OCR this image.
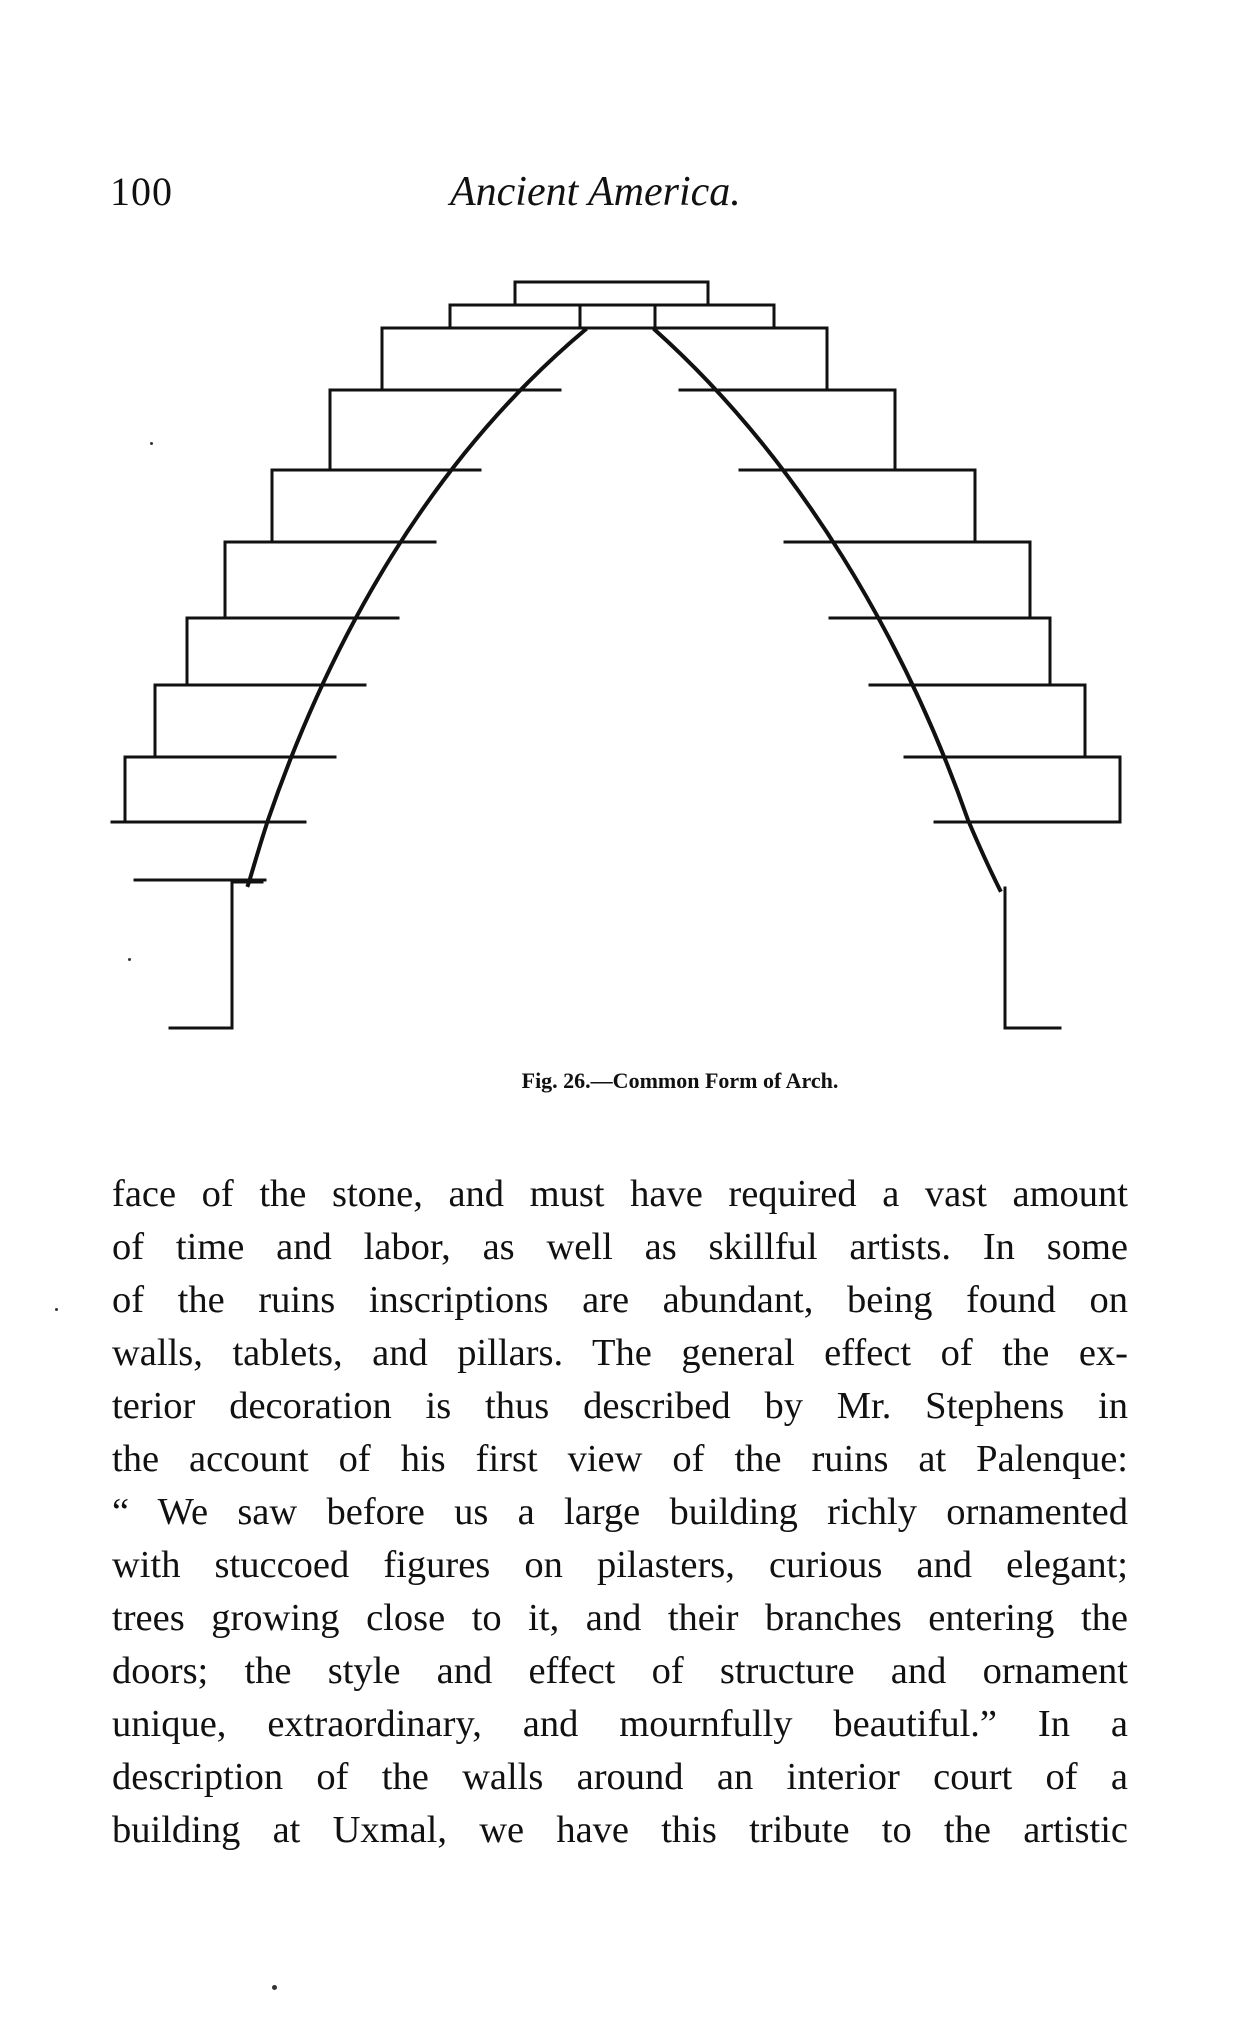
100	Ancient America.
Fig. 26.—Common Form of Arch.
face of the stone, and must have required a vast amount
of time and labor, as well as skillful artists. In some
of the ruins inscriptions are abundant, being found on
walls, tablets, and pillars. The general effect of the ex-
terior decoration is thus described by Mr. Stephens in
the account of his first view of the ruins at Palenque:
“ We saw before us a large building richly ornamented
with stuccoed figures on pilasters, curious and elegant;
trees growing close to it, and their branches entering the
doors; the style and effect of structure and ornament
unique, extraordinary, and mournfully beautiful.” In a
description of the walls around an interior court of a
building at Uxmal, we have this tribute to the artistic
